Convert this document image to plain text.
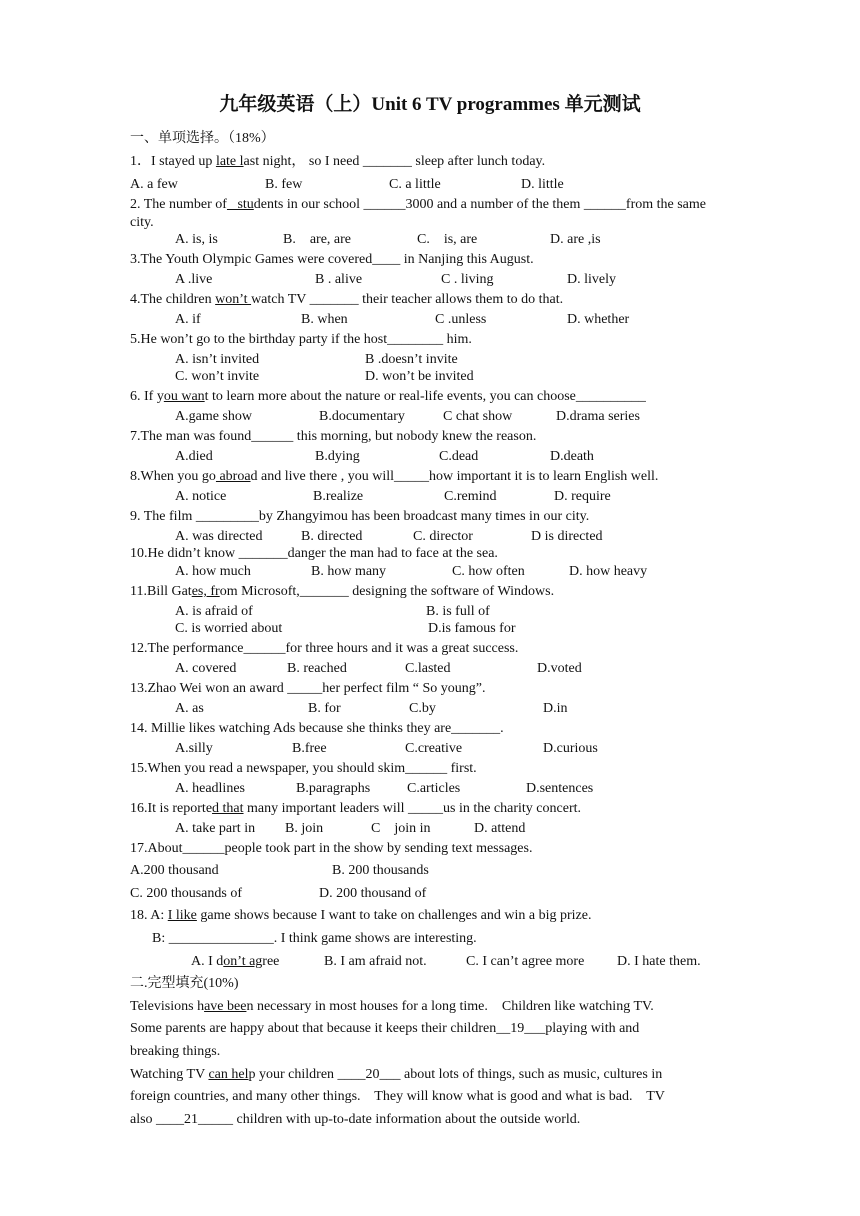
九年级英语（上）Unit 6 TV programmes 单元测试
一、单项选择。（18%）
1．I stayed up late last night， so I need _______ sleep after lunch today.
A. a few	B. few	C. a little	D. little
2. The number of   students in our school ______3000 and a number of the them ______from the same city.
A. is, is	B.    are, are	C.    is, are	D. are ,is
3.The Youth Olympic Games were covered____ in Nanjing this August.
A .live	B . alive	C . living	D. lively
4.The children won’t watch TV _______ their teacher allows them to do that.
A. if	B. when	C .unless	D. whether
5.He won’t go to the birthday party if the host________ him.
A. isn’t invited	B .doesn’t invite
C. won’t invite	D. won’t be invited
6. If you want to learn more about the nature or real-life events, you can choose__________
A.game show	B.documentary	C chat show	D.drama series
7.The man was found______ this morning, but nobody knew the reason.
A.died	B.dying	C.dead	D.death
8.When you go abroad and live there , you will_____how important it is to learn English well.
A. notice	B.realize	C.remind	D. require
9. The film _________by Zhangyimou has been broadcast many times in our city.
A. was directed	B. directed	C. director	D is directed
10.He didn’t know _______danger the man had to face at the sea.
A. how much	B. how many	C. how often	D. how heavy
11.Bill Gates, from Microsoft,_______ designing the software of Windows.
A. is afraid of	B. is full of
C. is worried about	D.is famous for
12.The performance______for three hours and it was a great success.
A. covered	B. reached	C.lasted	D.voted
13.Zhao Wei won an award _____her perfect film “ So young”.
A. as	B. for	C.by	D.in
14. Millie likes watching Ads because she thinks they are_______.
A.silly	B.free	C.creative	D.curious
15.When you read a newspaper, you should skim______ first.
A. headlines	B.paragraphs	C.articles	D.sentences
16.It is reported that many important leaders will _____us in the charity concert.
A. take part in B. join	C    join in	D. attend
17.About______people took part in the show by sending text messages.
A.200 thousand	B. 200 thousands
C. 200 thousands of	D. 200 thousand of
18. A: I like game shows because I want to take on challenges and win a big prize.
B: _______________. I think game shows are interesting.
A. I don’t agree	B. I am afraid not.	C. I can’t agree more D. I hate them.
二.完型填充(10%)
Televisions have been necessary in most houses for a long time.    Children like watching TV.
Some parents are happy about that because it keeps their children__19___playing with and
breaking things.
Watching TV can help your children ____20___ about lots of things, such as music, cultures in
foreign countries, and many other things.    They will know what is good and what is bad.    TV
also ____21_____ children with up-to-date information about the outside world.
